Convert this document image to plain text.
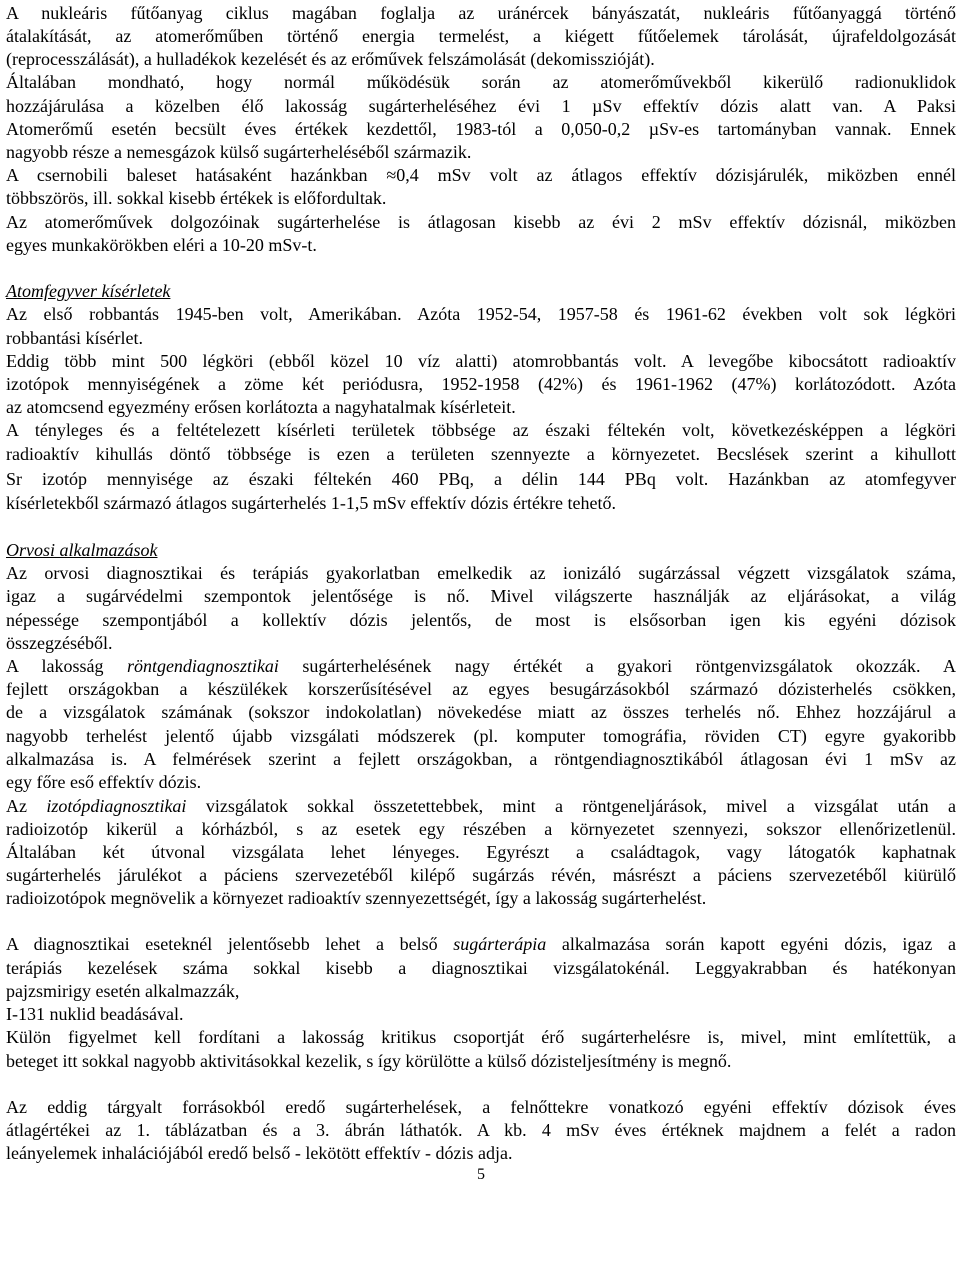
A nukleáris fűtőanyag ciklus magában foglalja az uránércek bányászatát, nukleáris fűtőanyaggá történő
átalakítását, az atomerőműben történő energia termelést, a kiégett fűtőelemek tárolását, újrafeldolgozását
(reprocesszálását), a hulladékok kezelését és az erőművek felszámolását (dekomisszióját).
Általában mondható, hogy normál működésük során az atomerőművekből kikerülő radionuklidok
hozzájárulása a közelben élő lakosság sugárterheléséhez évi 1 µSv effektív dózis alatt van. A Paksi
Atomerőmű esetén becsült éves értékek kezdettől, 1983-tól a 0,050-0,2 µSv-es tartományban vannak. Ennek
nagyobb része a nemesgázok külső sugárterheléséből származik.
A csernobili baleset hatásaként hazánkban ≈0,4 mSv volt az átlagos effektív dózisjárulék, miközben ennél
többszörös, ill. sokkal kisebb értékek is előfordultak.
Az atomerőművek dolgozóinak sugárterhelése is átlagosan kisebb az évi 2 mSv effektív dózisnál, miközben
egyes munkakörökben eléri a 10-20 mSv-t.
Atomfegyver kísérletek
Az első robbantás 1945-ben volt, Amerikában. Azóta 1952-54, 1957-58 és 1961-62 években volt sok légköri
robbantási kísérlet.
Eddig több mint 500 légköri (ebből közel 10 víz alatti) atomrobbantás volt. A levegőbe kibocsátott radioaktív
izotópok mennyiségének a zöme két periódusra, 1952-1958 (42%) és 1961-1962 (47%) korlátozódott. Azóta
az atomcsend egyezmény erősen korlátozta a nagyhatalmak kísérleteit.
A tényleges és a feltételezett kísérleti területek többsége az északi féltekén volt, következésképpen a légköri
radioaktív kihullás döntő többsége is ezen a területen szennyezte a környezetet. Becslések szerint a kihullott
Sr izotóp mennyisége az északi féltekén 460 PBq, a délin 144 PBq volt. Hazánkban az atomfegyver
kísérletekből származó átlagos sugárterhelés 1-1,5 mSv effektív dózis értékre tehető.
Orvosi alkalmazások
Az orvosi diagnosztikai és terápiás gyakorlatban emelkedik az ionizáló sugárzással végzett vizsgálatok száma,
igaz a sugárvédelmi szempontok jelentősége is nő. Mivel világszerte használják az eljárásokat, a világ
népessége szempontjából a kollektív dózis jelentős, de most is elsősorban igen kis egyéni dózisok
összegzéséből.
A lakosság röntgendiagnosztikai sugárterhelésének nagy értékét a gyakori röntgenvizsgálatok okozzák. A
fejlett országokban a készülékek korszerűsítésével az egyes besugárzásokból származó dózisterhelés csökken,
de a vizsgálatok számának (sokszor indokolatlan) növekedése miatt az összes terhelés nő. Ehhez hozzájárul a
nagyobb terhelést jelentő újabb vizsgálati módszerek (pl. komputer tomográfia, röviden CT) egyre gyakoribb
alkalmazása is. A felmérések szerint a fejlett országokban, a röntgendiagnosztikából átlagosan évi 1 mSv az
egy főre eső effektív dózis.
Az izotópdiagnosztikai vizsgálatok sokkal összetettebbek, mint a röntgeneljárások, mivel a vizsgálat után a
radioizotóp kikerül a kórházból, s az esetek egy részében a környezetet szennyezi, sokszor ellenőrizetlenül.
Általában két útvonal vizsgálata lehet lényeges. Egyrészt a családtagok, vagy látogatók kaphatnak
sugárterhelés járulékot a páciens szervezetéből kilépő sugárzás révén, másrészt a páciens szervezetéből kiürülő
radioizotópok megnövelik a környezet radioaktív szennyezettségét, így a lakosság sugárterhelést.
A diagnosztikai eseteknél jelentősebb lehet a belső sugárterápia alkalmazása során kapott egyéni dózis, igaz a
terápiás kezelések száma sokkal kisebb a diagnosztikai vizsgálatokénál. Leggyakrabban és hatékonyan
pajzsmirigy esetén alkalmazzák,
I-131 nuklid beadásával.
Külön figyelmet kell fordítani a lakosság kritikus csoportját érő sugárterhelésre is, mivel, mint említettük, a
beteget itt sokkal nagyobb aktivitásokkal kezelik, s így körülötte a külső dózisteljesítmény is megnő.
Az eddig tárgyalt forrásokból eredő sugárterhelések, a felnőttekre vonatkozó egyéni effektív dózisok éves
átlagértékei az 1. táblázatban és a 3. ábrán láthatók. A kb. 4 mSv éves értéknek majdnem a felét a radon
leányelemek inhalációjából eredő belső - lekötött effektív - dózis adja.
5
